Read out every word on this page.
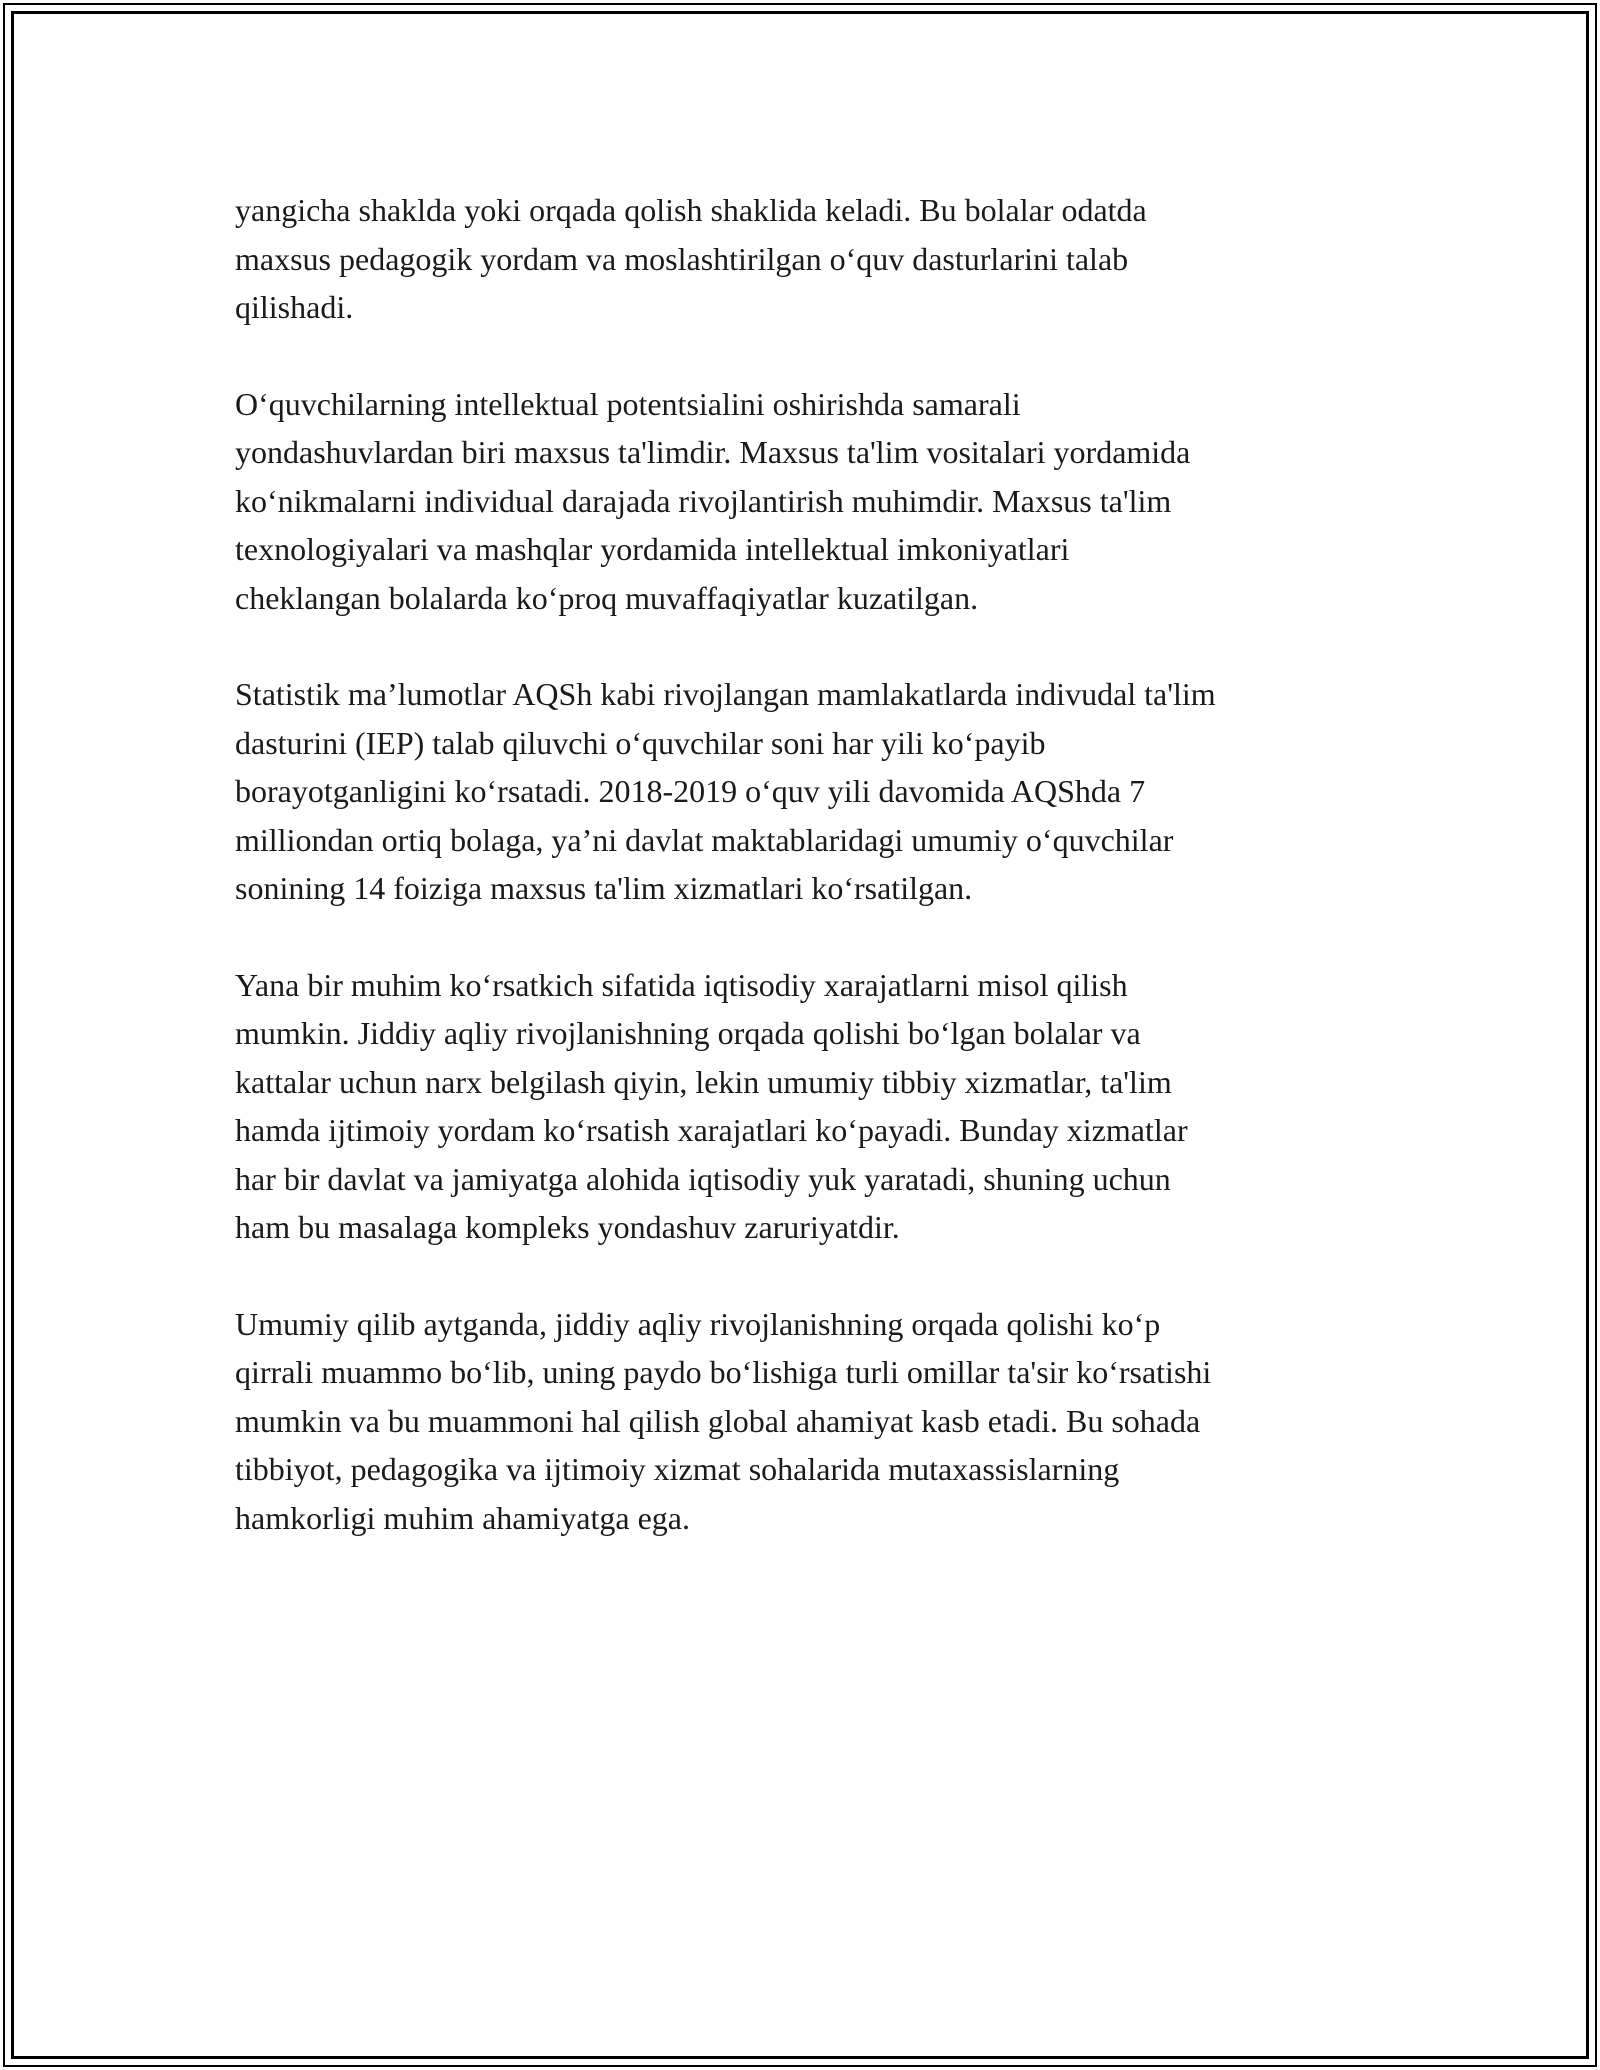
yangicha shaklda yoki orqada qolish shaklida keladi. Bu bolalar odatda
maxsus pedagogik yordam va moslashtirilgan o‘quv dasturlarini talab
qilishadi.

O‘quvchilarning intellektual potentsialini oshirishda samarali
yondashuvlardan biri maxsus ta'limdir. Maxsus ta'lim vositalari yordamida
ko‘nikmalarni individual darajada rivojlantirish muhimdir. Maxsus ta'lim
texnologiyalari va mashqlar yordamida intellektual imkoniyatlari
cheklangan bolalarda ko‘proq muvaffaqiyatlar kuzatilgan.

Statistik ma’lumotlar AQSh kabi rivojlangan mamlakatlarda indivudal ta'lim
dasturini (IEP) talab qiluvchi o‘quvchilar soni har yili ko‘payib
borayotganligini ko‘rsatadi. 2018-2019 o‘quv yili davomida AQShda 7
milliondan ortiq bolaga, ya’ni davlat maktablaridagi umumiy o‘quvchilar
sonining 14 foiziga maxsus ta'lim xizmatlari ko‘rsatilgan.

Yana bir muhim ko‘rsatkich sifatida iqtisodiy xarajatlarni misol qilish
mumkin. Jiddiy aqliy rivojlanishning orqada qolishi bo‘lgan bolalar va
kattalar uchun narx belgilash qiyin, lekin umumiy tibbiy xizmatlar, ta'lim
hamda ijtimoiy yordam ko‘rsatish xarajatlari ko‘payadi. Bunday xizmatlar
har bir davlat va jamiyatga alohida iqtisodiy yuk yaratadi, shuning uchun
ham bu masalaga kompleks yondashuv zaruriyatdir.

Umumiy qilib aytganda, jiddiy aqliy rivojlanishning orqada qolishi ko‘p
qirrali muammo bo‘lib, uning paydo bo‘lishiga turli omillar ta'sir ko‘rsatishi
mumkin va bu muammoni hal qilish global ahamiyat kasb etadi. Bu sohada
tibbiyot, pedagogika va ijtimoiy xizmat sohalarida mutaxassislarning
hamkorligi muhim ahamiyatga ega.
